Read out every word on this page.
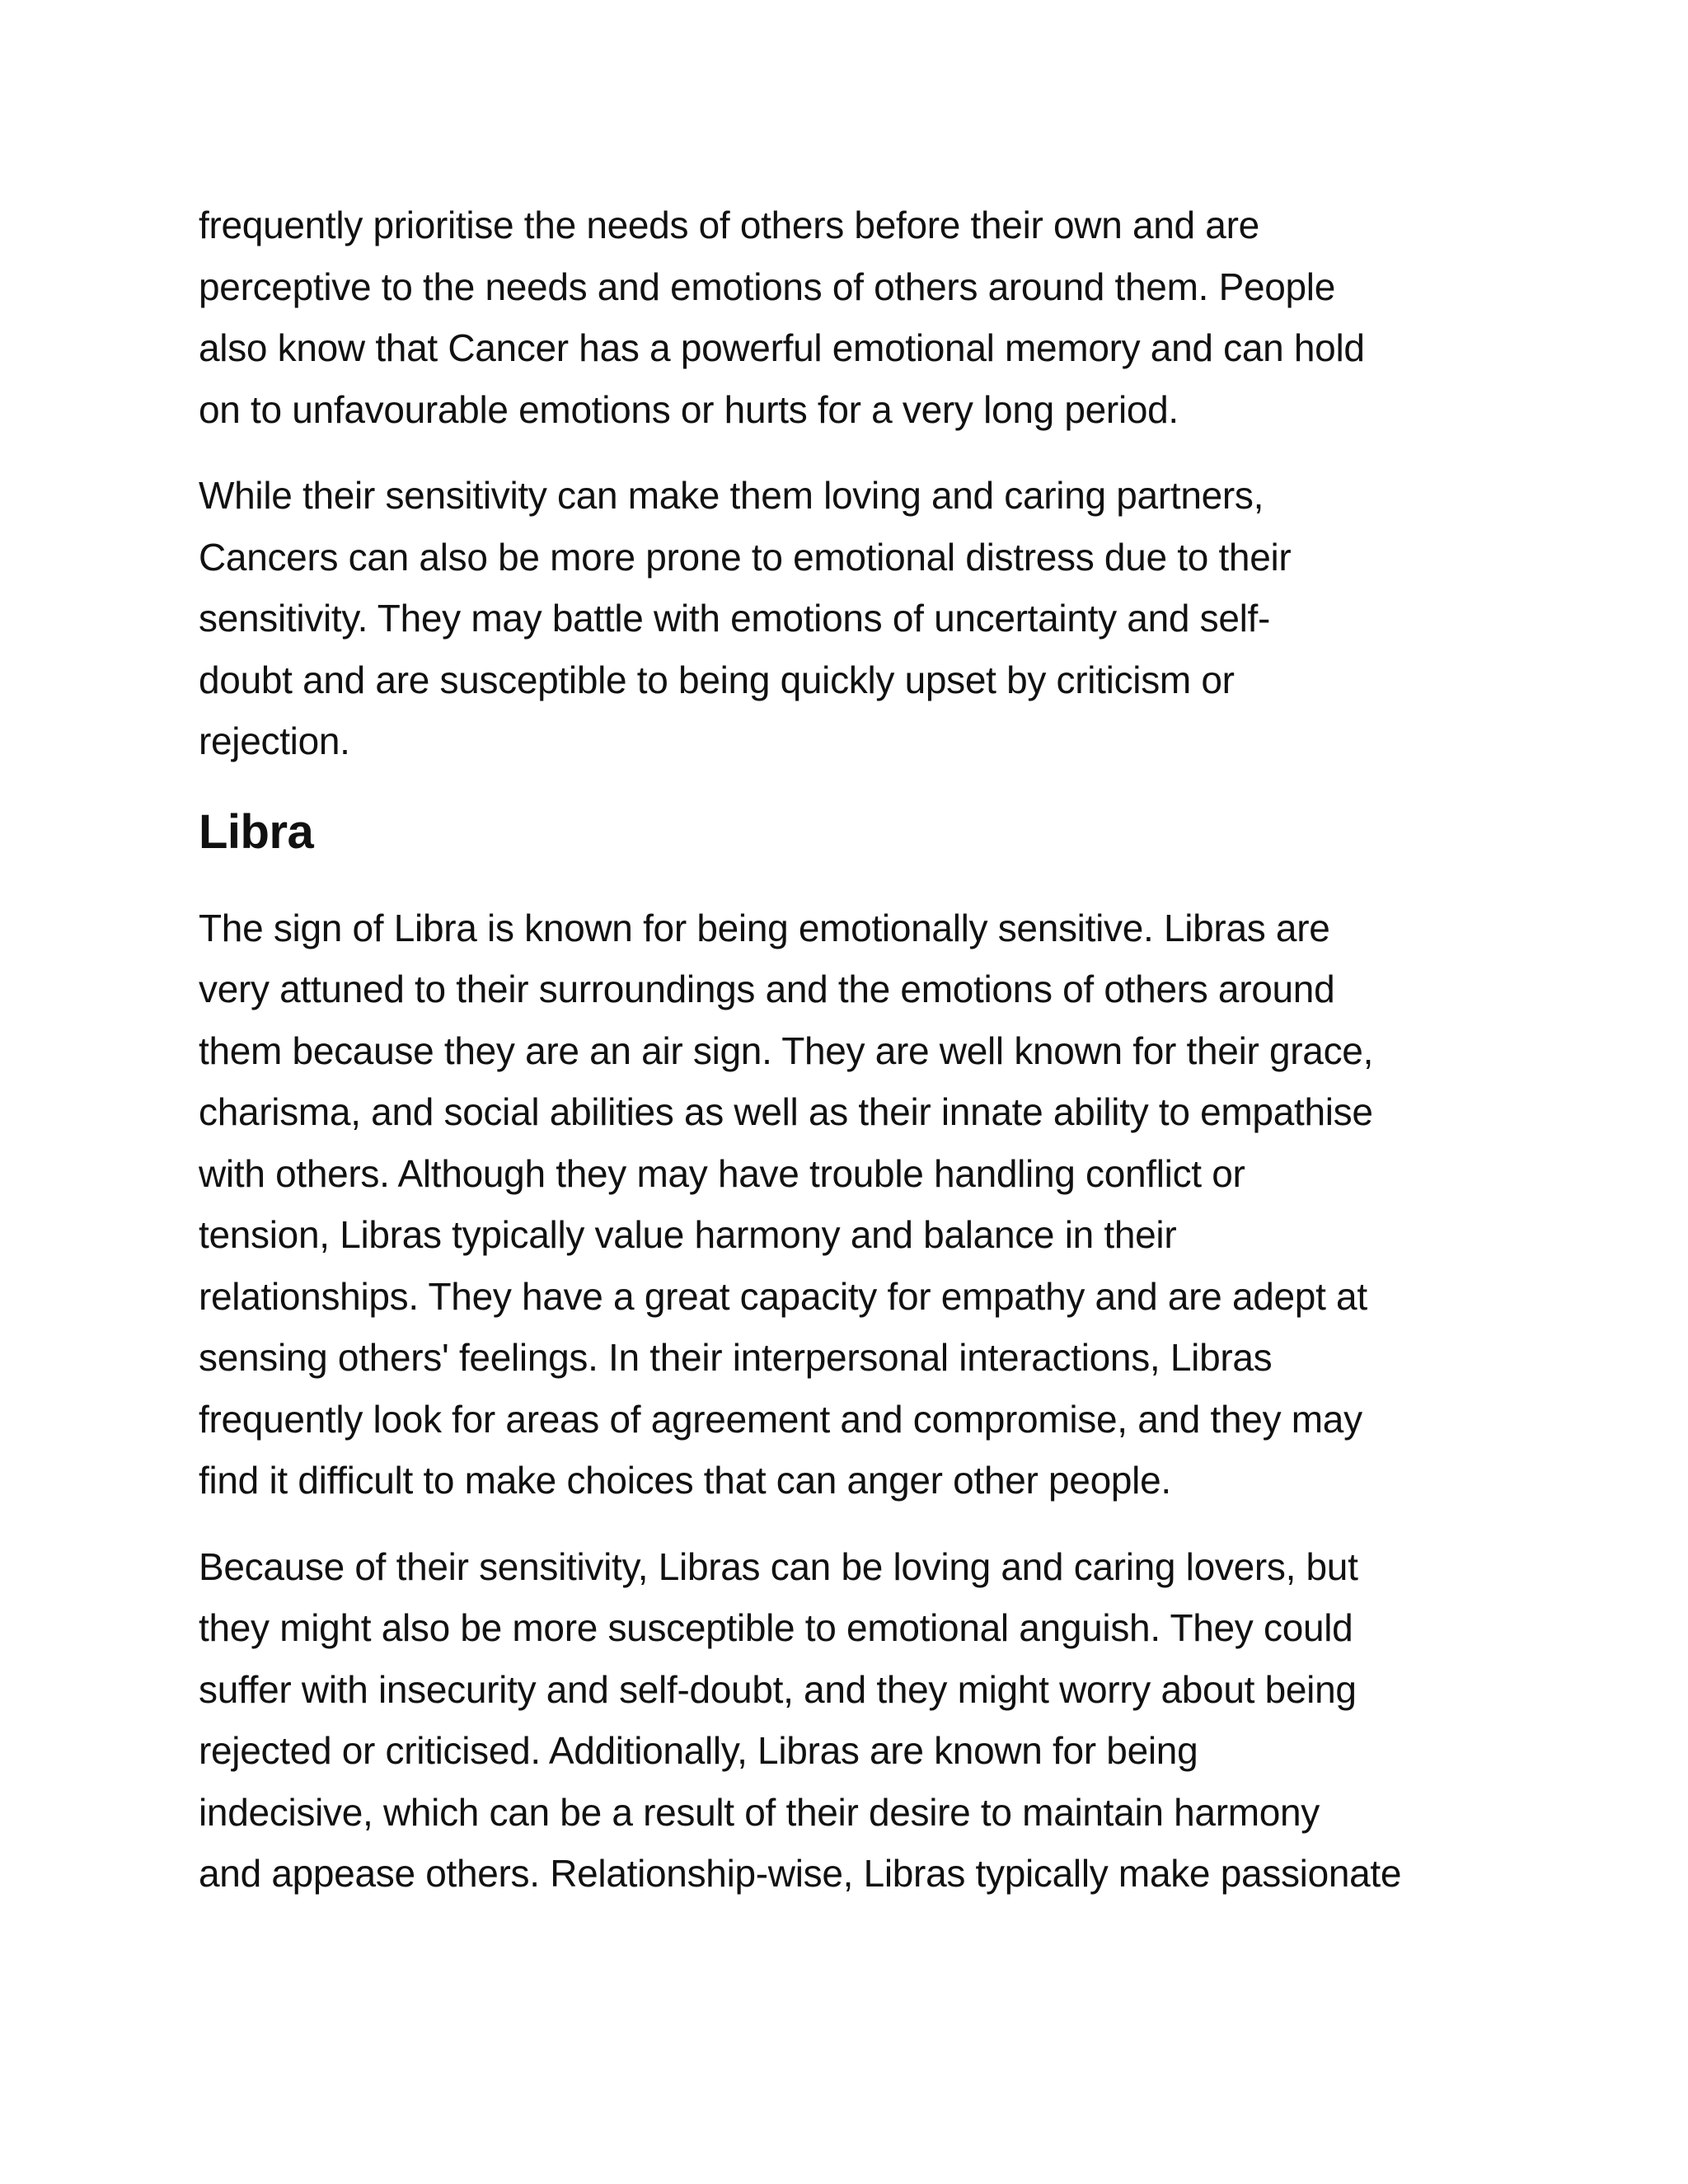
frequently prioritise the needs of others before their own and are
perceptive to the needs and emotions of others around them. People
also know that Cancer has a powerful emotional memory and can hold
on to unfavourable emotions or hurts for a very long period.

While their sensitivity can make them loving and caring partners,
Cancers can also be more prone to emotional distress due to their
sensitivity. They may battle with emotions of uncertainty and self-
doubt and are susceptible to being quickly upset by criticism or
rejection.

Libra

The sign of Libra is known for being emotionally sensitive. Libras are
very attuned to their surroundings and the emotions of others around
them because they are an air sign. They are well known for their grace,
charisma, and social abilities as well as their innate ability to empathise
with others. Although they may have trouble handling conflict or
tension, Libras typically value harmony and balance in their
relationships. They have a great capacity for empathy and are adept at
sensing others' feelings. In their interpersonal interactions, Libras
frequently look for areas of agreement and compromise, and they may
find it difficult to make choices that can anger other people.

Because of their sensitivity, Libras can be loving and caring lovers, but
they might also be more susceptible to emotional anguish. They could
suffer with insecurity and self-doubt, and they might worry about being
rejected or criticised. Additionally, Libras are known for being
indecisive, which can be a result of their desire to maintain harmony
and appease others. Relationship-wise, Libras typically make passionate
